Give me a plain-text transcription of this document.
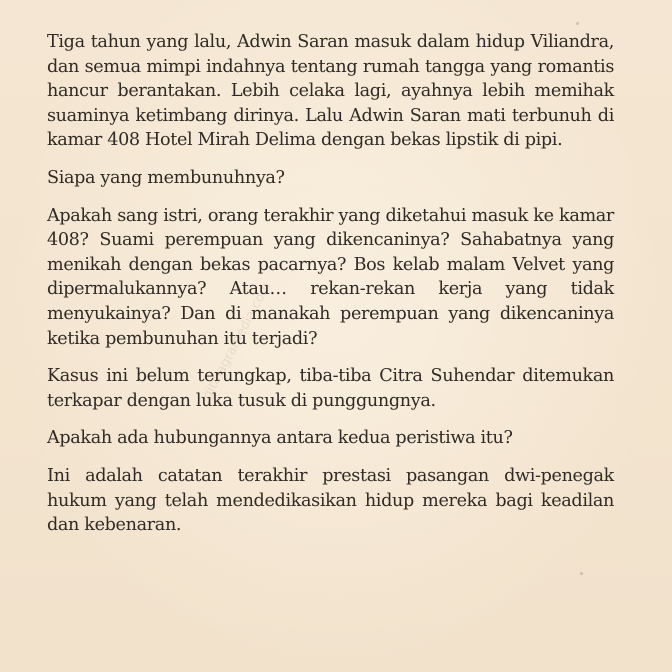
gitalagramedia.com

Tiga tahun yang lalu, Adwin Saran masuk dalam hidup Viliandra, dan semua mimpi indahnya tentang rumah tangga yang romantis hancur berantakan. Lebih celaka lagi, ayahnya lebih memihak suaminya ketimbang dirinya. Lalu Adwin Saran mati terbunuh di kamar 408 Hotel Mirah Delima dengan bekas lipstik di pipi.

Siapa yang membunuhnya?

Apakah sang istri, orang terakhir yang diketahui masuk ke kamar 408? Suami perempuan yang dikencaninya? Sahabatnya yang menikah dengan bekas pacarnya? Bos kelab malam Velvet yang dipermalukannya? Atau… rekan-rekan kerja yang tidak menyukainya? Dan di manakah perempuan yang dikencaninya ketika pembunuhan itu terjadi?

Kasus ini belum terungkap, tiba-tiba Citra Suhendar ditemukan terkapar dengan luka tusuk di punggungnya.

Apakah ada hubungannya antara kedua peristiwa itu?

Ini adalah catatan terakhir prestasi pasangan dwi-penegak hukum yang telah mendedikasikan hidup mereka bagi keadilan dan kebenaran.
